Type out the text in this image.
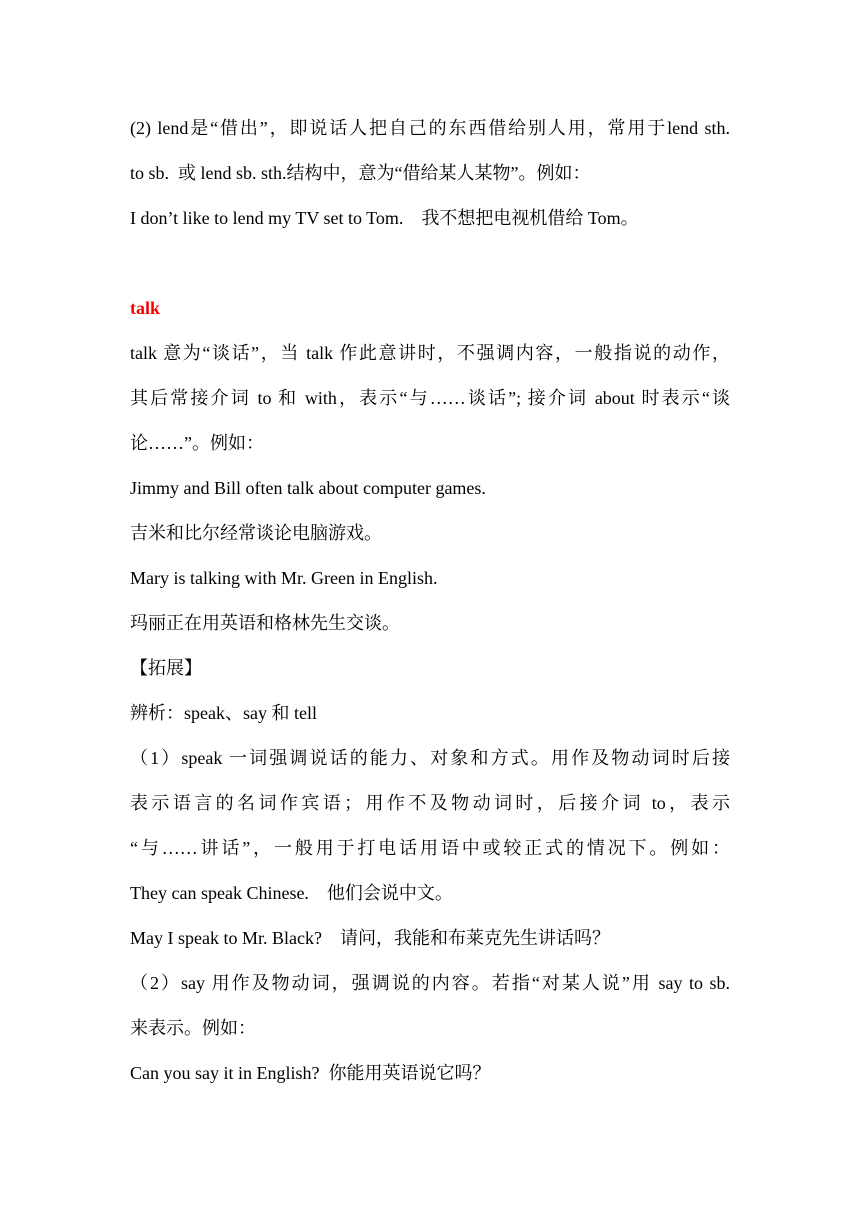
(2) lend是“借出”，即说话人把自己的东西借给别人用，常用于lend sth.
to sb.  或 lend sb. sth.结构中，意为“借给某人某物”。例如：
I don’t like to lend my TV set to Tom.    我不想把电视机借给 Tom。
talk
talk 意为“谈话”，当 talk 作此意讲时，不强调内容，一般指说的动作，
其后常接介词 to 和 with，表示“与……谈话”; 接介词 about 时表示“谈
论……”。例如：
Jimmy and Bill often talk about computer games.
吉米和比尔经常谈论电脑游戏。
Mary is talking with Mr. Green in English.
玛丽正在用英语和格林先生交谈。
【拓展】
辨析：speak、say 和 tell
（1）speak 一词强调说话的能力、对象和方式。用作及物动词时后接
表示语言的名词作宾语；用作不及物动词时，后接介词 to，表示
“与……讲话”，一般用于打电话用语中或较正式的情况下。例如：
They can speak Chinese.    他们会说中文。
May I speak to Mr. Black?    请问，我能和布莱克先生讲话吗？
（2）say 用作及物动词，强调说的内容。若指“对某人说”用 say to sb.
来表示。例如：
Can you say it in English?  你能用英语说它吗？
